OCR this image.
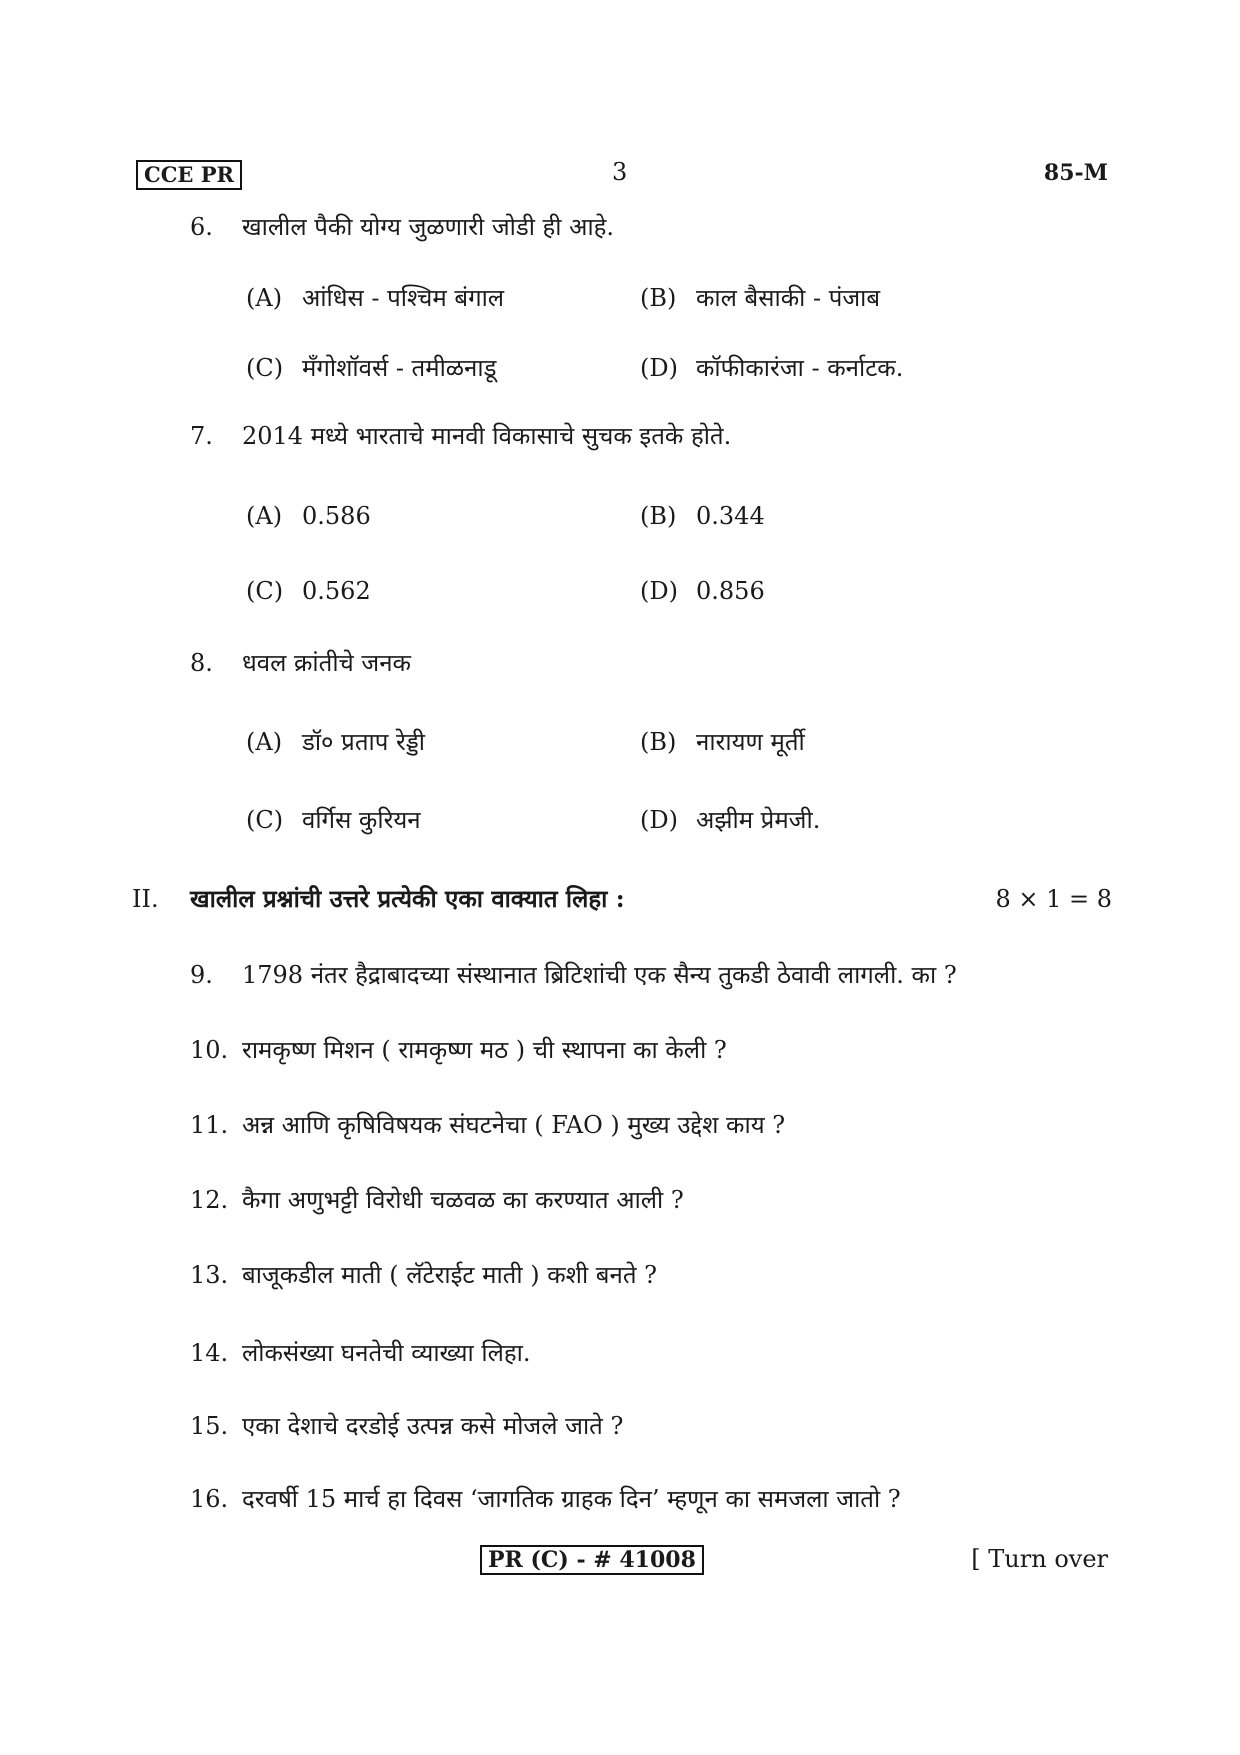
CCE PR	3	85-M
6. खालील पैकी योग्य जुळणारी जोडी ही आहे.
(A) आंधिस - पश्चिम बंगाल	(B) काल बैसाकी - पंजाब
(C) मँगोशॉवर्स - तमीळनाडू	(D) कॉफीकारंजा - कर्नाटक.
7. 2014 मध्ये भारताचे मानवी विकासाचे सुचक इतके होते.
(A) 0.586	(B) 0.344
(C) 0.562	(D) 0.856
8. धवल क्रांतीचे जनक
(A) डॉ० प्रताप रेड्डी	(B) नारायण मूर्ती
(C) वर्गिस कुरियन	(D) अझीम प्रेमजी.
II. खालील प्रश्नांची उत्तरे प्रत्येकी एका वाक्यात लिहा :	8 × 1 = 8
9. 1798 नंतर हैद्राबादच्या संस्थानात ब्रिटिशांची एक सैन्य तुकडी ठेवावी लागली. का ?
10. रामकृष्ण मिशन ( रामकृष्ण मठ ) ची स्थापना का केली ?
11. अन्न आणि कृषिविषयक संघटनेचा ( FAO ) मुख्य उद्देश काय ?
12. कैगा अणुभट्टी विरोधी चळवळ का करण्यात आली ?
13. बाजूकडील माती ( लॅटेराईट माती ) कशी बनते ?
14. लोकसंख्या घनतेची व्याख्या लिहा.
15. एका देशाचे दरडोई उत्पन्न कसे मोजले जाते ?
16. दरवर्षी 15 मार्च हा दिवस ‘जागतिक ग्राहक दिन’ म्हणून का समजला जातो ?
PR (C) - # 41008	[ Turn over
